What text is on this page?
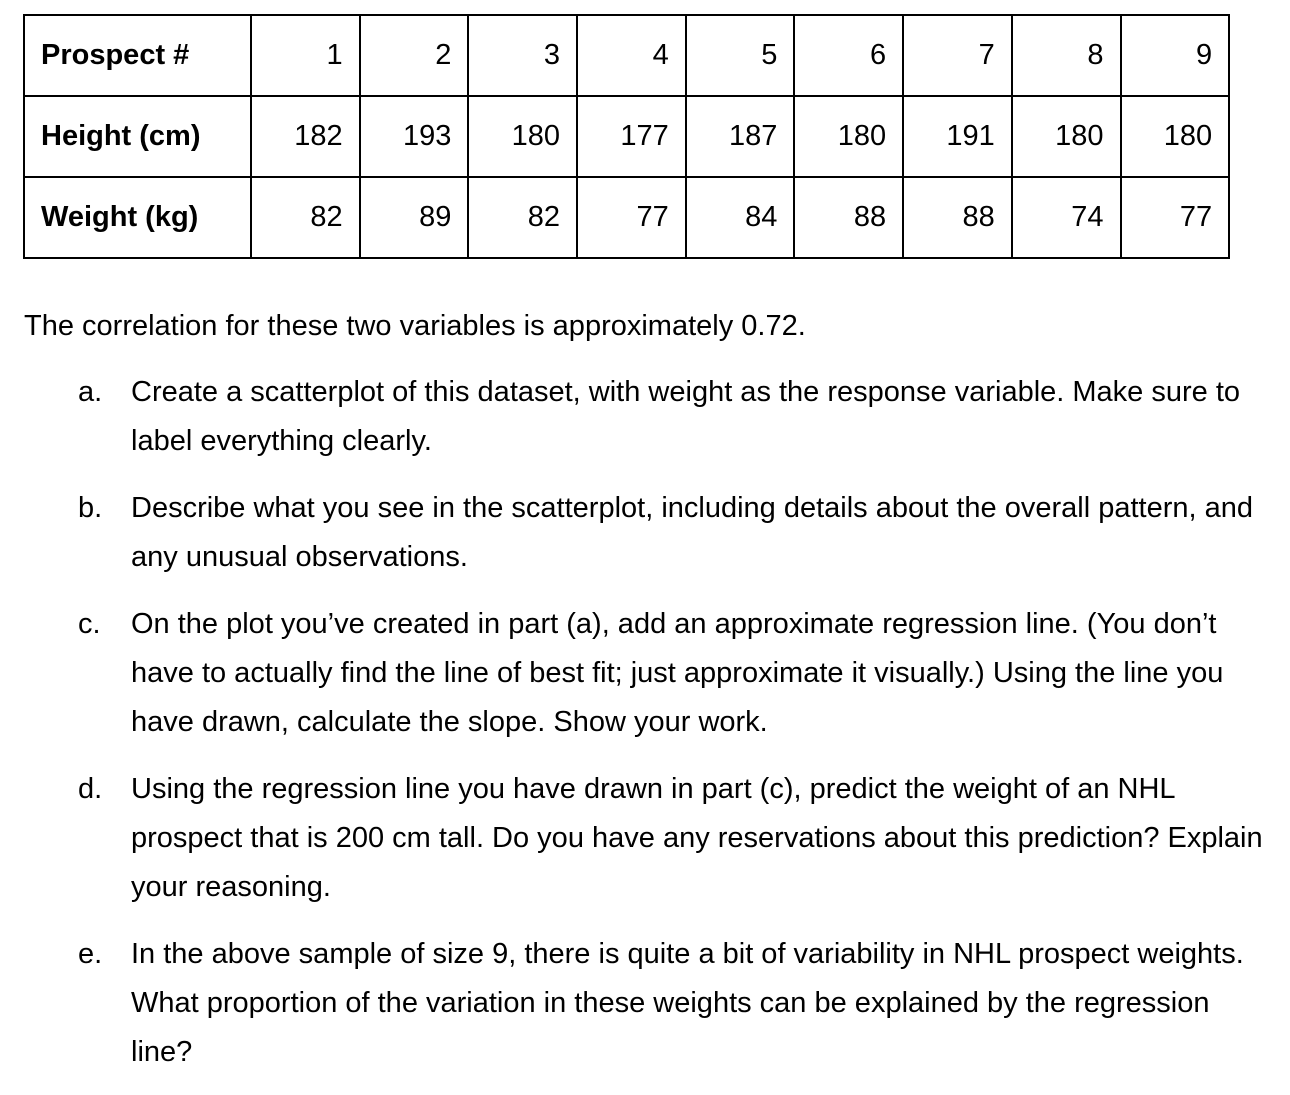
Prospect #	1	2	3	4	5	6	7	8	9
Height (cm)	182	193	180	177	187	180	191	180	180
Weight (kg)	82	89	82	77	84	88	88	74	77
The correlation for these two variables is approximately 0.72.
a. Create a scatterplot of this dataset, with weight as the response variable. Make sure to label everything clearly.
b. Describe what you see in the scatterplot, including details about the overall pattern, and any unusual observations.
c. On the plot you’ve created in part (a), add an approximate regression line. (You don’t have to actually find the line of best fit; just approximate it visually.) Using the line you have drawn, calculate the slope. Show your work.
d. Using the regression line you have drawn in part (c), predict the weight of an NHL prospect that is 200 cm tall. Do you have any reservations about this prediction? Explain your reasoning.
e. In the above sample of size 9, there is quite a bit of variability in NHL prospect weights. What proportion of the variation in these weights can be explained by the regression line?
